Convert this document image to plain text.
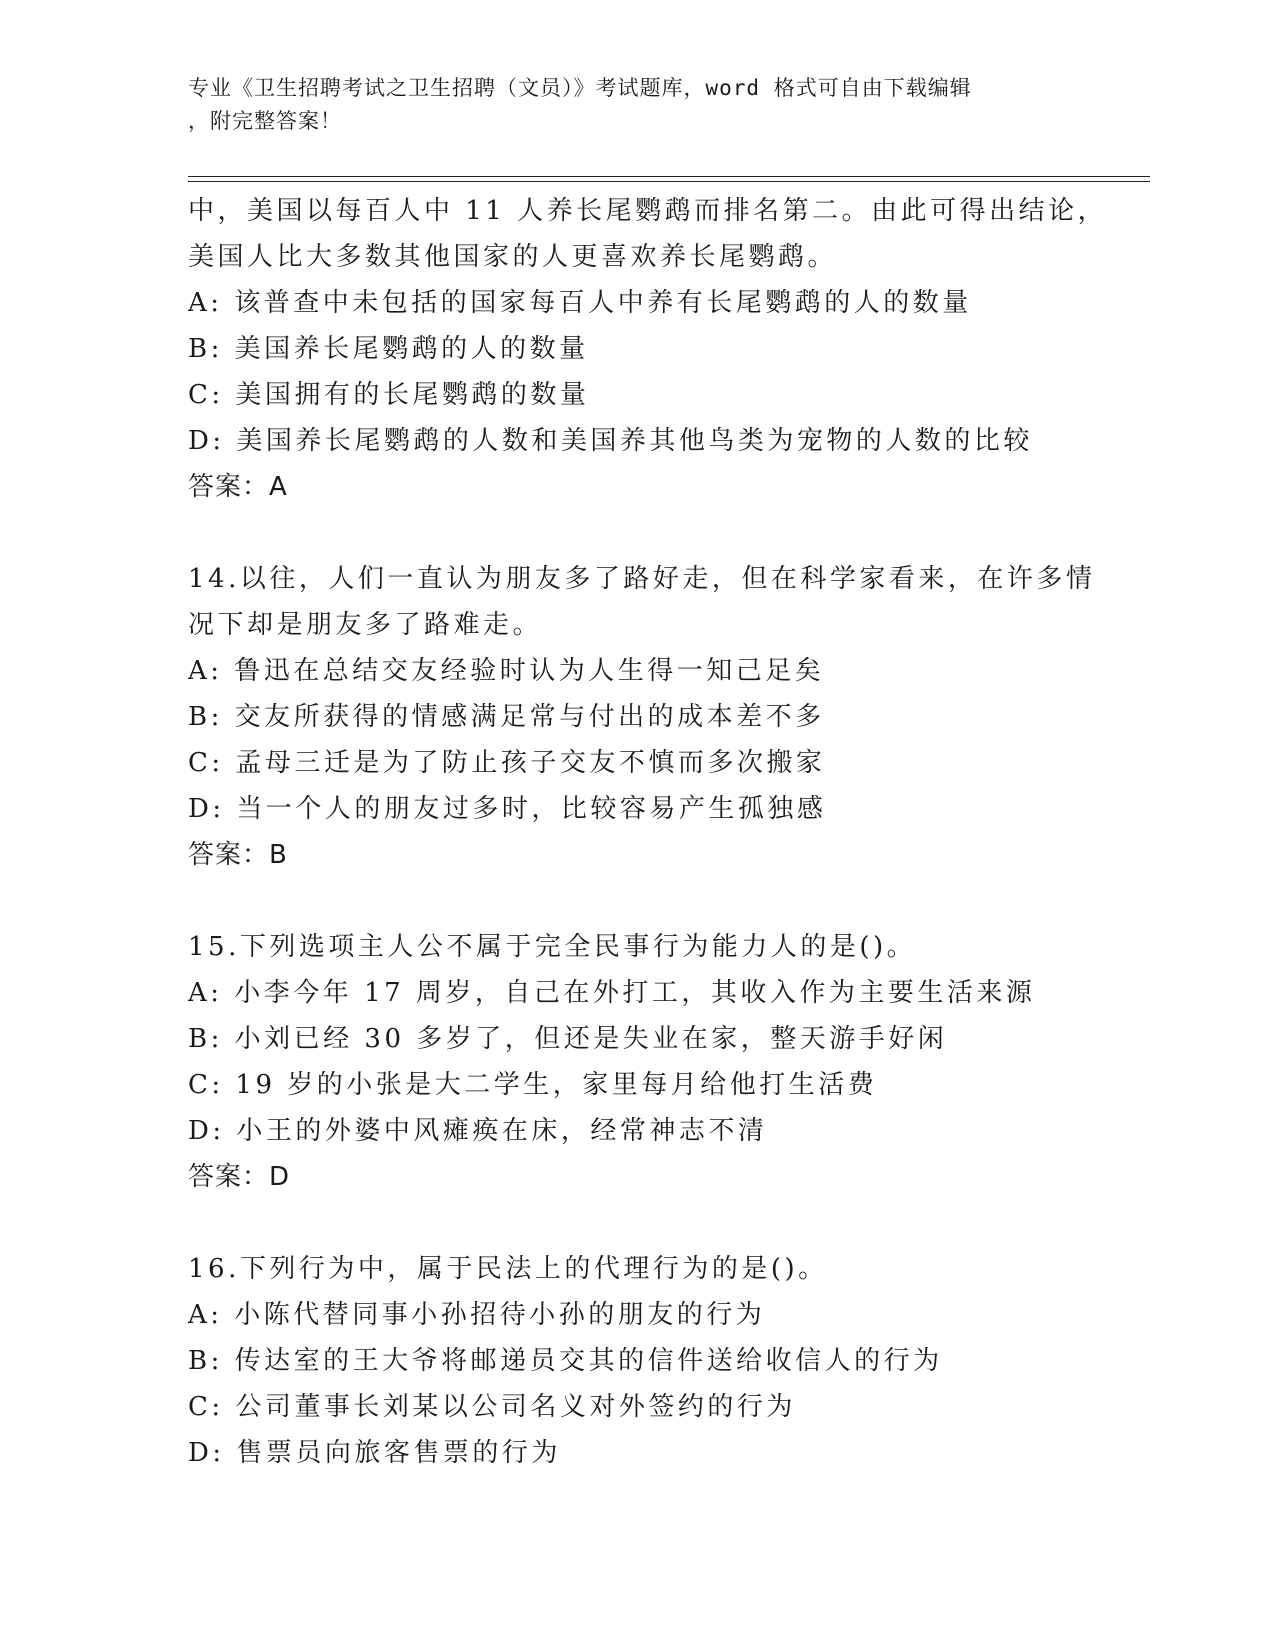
专业《卫生招聘考试之卫生招聘（文员）》考试题库，word 格式可自由下载编辑
，附完整答案！
中，美国以每百人中 11 人养长尾鹦鹉而排名第二。由此可得出结论，
美国人比大多数其他国家的人更喜欢养长尾鹦鹉。
A: 该普查中未包括的国家每百人中养有长尾鹦鹉的人的数量
B: 美国养长尾鹦鹉的人的数量
C: 美国拥有的长尾鹦鹉的数量
D: 美国养长尾鹦鹉的人数和美国养其他鸟类为宠物的人数的比较
答案：A
14.以往，人们一直认为朋友多了路好走，但在科学家看来，在许多情
况下却是朋友多了路难走。
A: 鲁迅在总结交友经验时认为人生得一知己足矣
B: 交友所获得的情感满足常与付出的成本差不多
C: 孟母三迁是为了防止孩子交友不慎而多次搬家
D: 当一个人的朋友过多时，比较容易产生孤独感
答案：B
15.下列选项主人公不属于完全民事行为能力人的是()。
A: 小李今年 17 周岁，自己在外打工，其收入作为主要生活来源
B: 小刘已经 30 多岁了，但还是失业在家，整天游手好闲
C: 19 岁的小张是大二学生，家里每月给他打生活费
D: 小王的外婆中风瘫痪在床，经常神志不清
答案：D
16.下列行为中，属于民法上的代理行为的是()。
A: 小陈代替同事小孙招待小孙的朋友的行为
B: 传达室的王大爷将邮递员交其的信件送给收信人的行为
C: 公司董事长刘某以公司名义对外签约的行为
D: 售票员向旅客售票的行为
